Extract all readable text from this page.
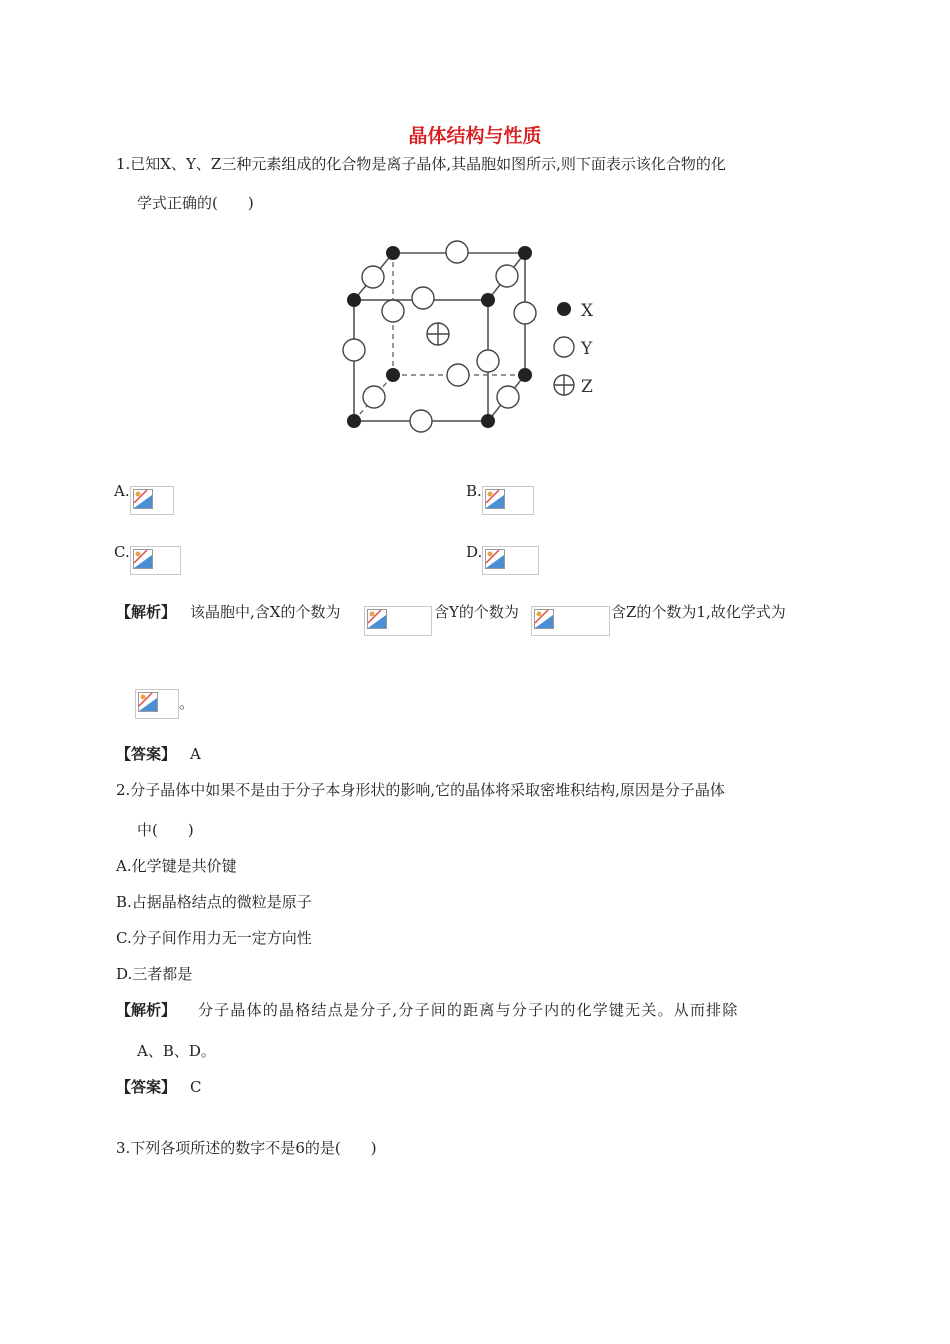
晶体结构与性质
1.已知X、Y、Z三种元素组成的化合物是离子晶体,其晶胞如图所示,则下面表示该化合物的化
学式正确的(　　)
X
Y
Z
A.	B.
C.	D.
【解析】 该晶胞中,含X的个数为	含Y的个数为	含Z的个数为1,故化学式为
。
【答案】 A
2.分子晶体中如果不是由于分子本身形状的影响,它的晶体将采取密堆积结构,原因是分子晶体
中(　　)
A.化学键是共价键
B.占据晶格结点的微粒是原子
C.分子间作用力无一定方向性
D.三者都是
【解析】 分子晶体的晶格结点是分子,分子间的距离与分子内的化学键无关。从而排除
A、B、D。
【答案】 C
3.下列各项所述的数字不是6的是(　　)
